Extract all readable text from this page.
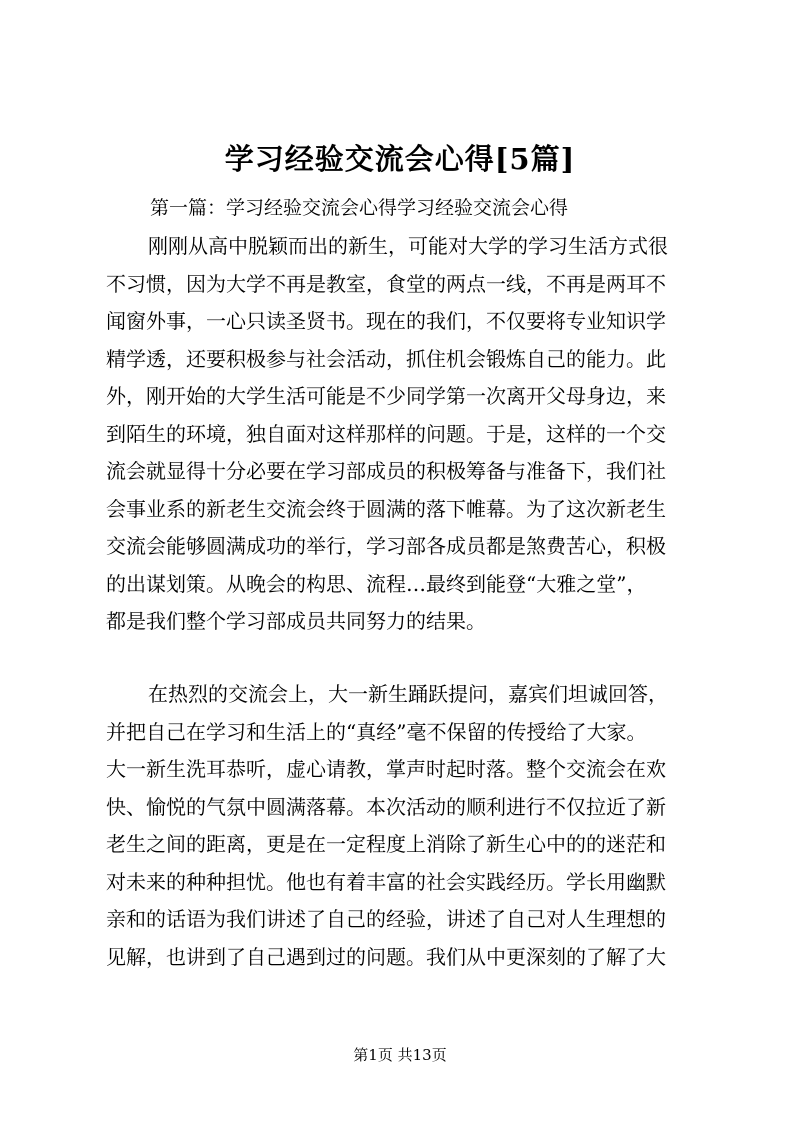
学习经验交流会心得[5篇]
第一篇：学习经验交流会心得学习经验交流会心得
刚刚从高中脱颖而出的新生，可能对大学的学习生活方式很
不习惯，因为大学不再是教室，食堂的两点一线，不再是两耳不
闻窗外事，一心只读圣贤书。现在的我们，不仅要将专业知识学
精学透，还要积极参与社会活动，抓住机会锻炼自己的能力。此
外，刚开始的大学生活可能是不少同学第一次离开父母身边，来
到陌生的环境，独自面对这样那样的问题。于是，这样的一个交
流会就显得十分必要在学习部成员的积极筹备与准备下，我们社
会事业系的新老生交流会终于圆满的落下帷幕。为了这次新老生
交流会能够圆满成功的举行，学习部各成员都是煞费苦心，积极
的出谋划策。从晚会的构思、流程…最终到能登“大雅之堂”，
都是我们整个学习部成员共同努力的结果。
在热烈的交流会上，大一新生踊跃提问，嘉宾们坦诚回答，
并把自己在学习和生活上的“真经”毫不保留的传授给了大家。
大一新生洗耳恭听，虚心请教，掌声时起时落。整个交流会在欢
快、愉悦的气氛中圆满落幕。本次活动的顺利进行不仅拉近了新
老生之间的距离，更是在一定程度上消除了新生心中的的迷茫和
对未来的种种担忧。他也有着丰富的社会实践经历。学长用幽默
亲和的话语为我们讲述了自己的经验，讲述了自己对人生理想的
见解，也讲到了自己遇到过的问题。我们从中更深刻的了解了大
第1页 共13页
